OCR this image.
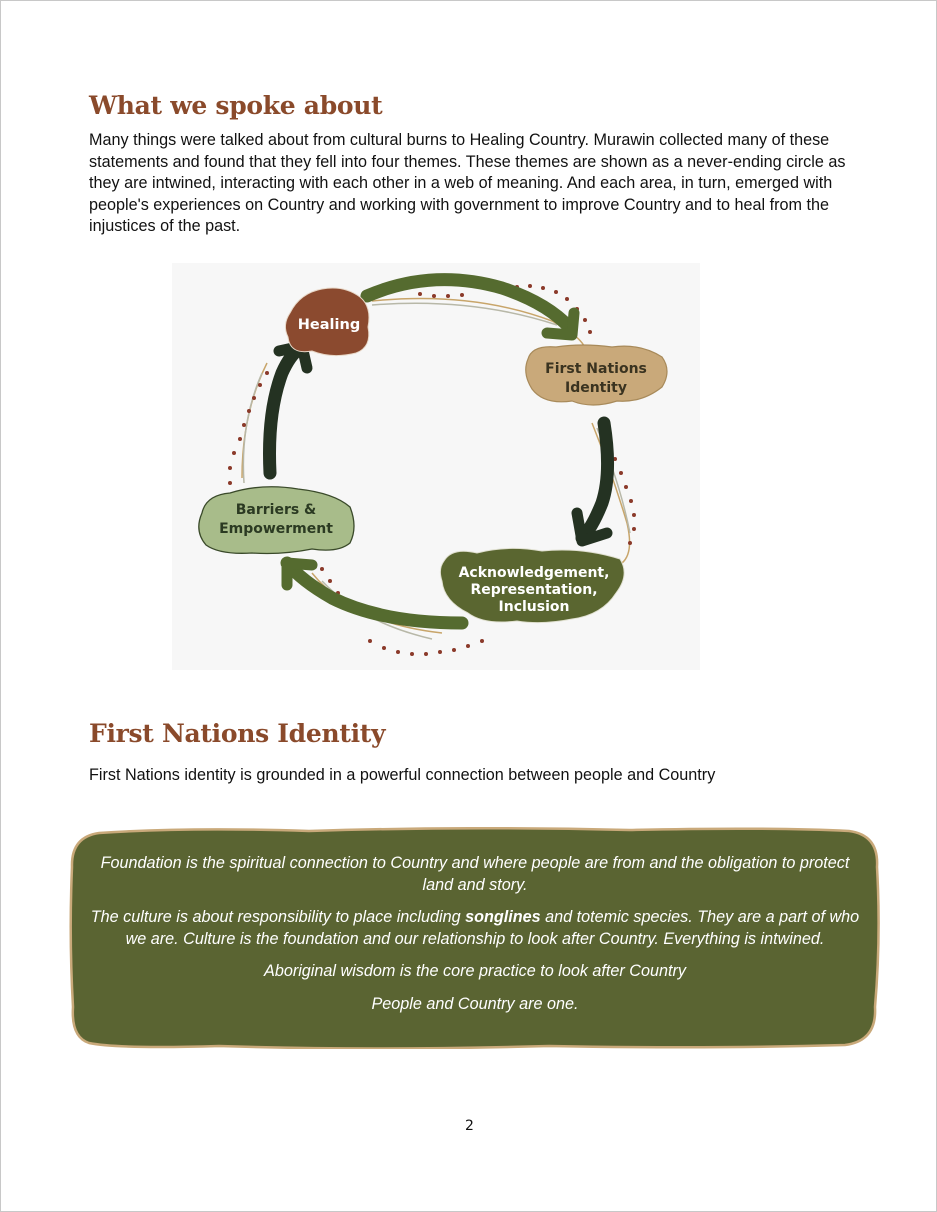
What we spoke about

Many things were talked about from cultural burns to Healing Country. Murawin collected many of these statements and found that they fell into four themes. These themes are shown as a never-ending circle as they are intwined, interacting with each other in a web of meaning. And each area, in turn, emerged with people's experiences on Country and working with government to improve Country and to heal from the injustices of the past.

Healing
First Nations
Identity
Acknowledgement,
Representation,
Inclusion
Barriers &
Empowerment
First Nations Identity

First Nations identity is grounded in a powerful connection between people and Country

Foundation is the spiritual connection to Country and where people are from and the obligation to protect land and story.

The culture is about responsibility to place including songlines and totemic species. They are a part of who we are. Culture is the foundation and our relationship to look after Country. Everything is intwined.

Aboriginal wisdom is the core practice to look after Country

People and Country are one.

2
